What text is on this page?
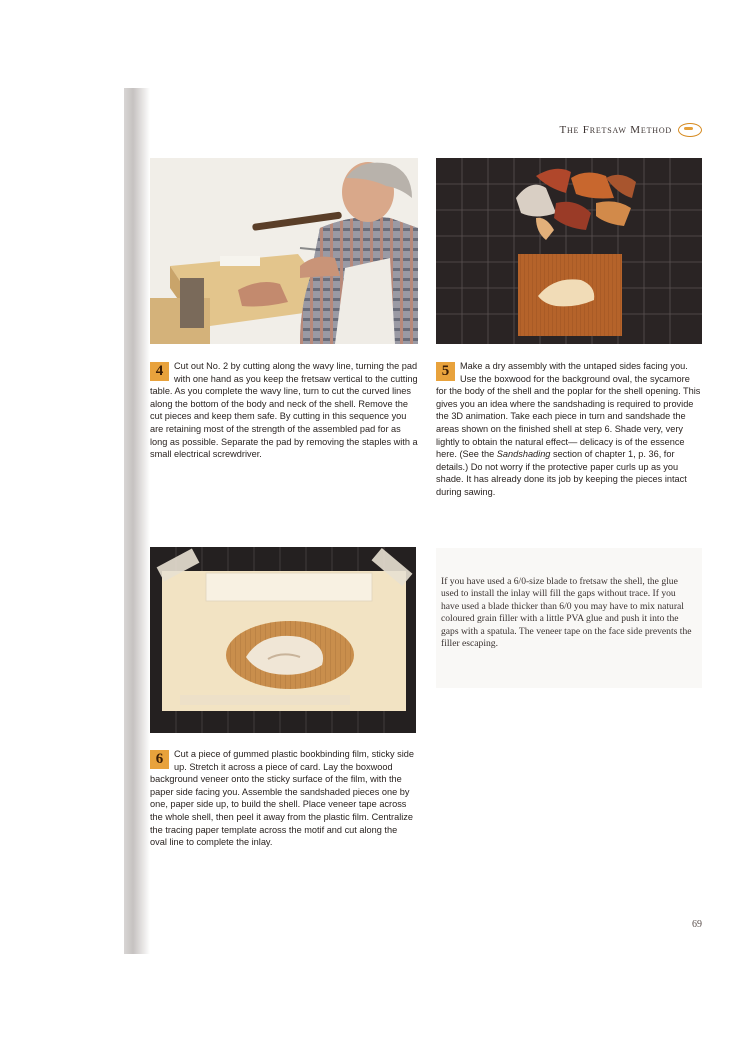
The Fretsaw Method
4	Cut out No. 2 by cutting along the wavy line, turning the pad with one hand as you keep the fretsaw vertical to the cutting table. As you complete the wavy line, turn to cut the curved lines along the bottom of the body and neck of the shell. Remove the cut pieces and keep them safe. By cutting in this sequence you are retaining most of the strength of the assembled pad for as long as possible. Separate the pad by removing the staples with a small electrical screwdriver.

5	Make a dry assembly with the untaped sides facing you. Use the boxwood for the background oval, the sycamore for the body of the shell and the poplar for the shell opening. This gives you an idea where the sandshading is required to provide the 3D animation. Take each piece in turn and sandshade the areas shown on the finished shell at step 6. Shade very, very lightly to obtain the natural effect— delicacy is of the essence here. (See the Sandshading section of chapter 1, p. 36, for details.) Do not worry if the protective paper curls up as you shade. It has already done its job by keeping the pieces intact during sawing.

6	Cut a piece of gummed plastic bookbinding film, sticky side up. Stretch it across a piece of card. Lay the boxwood background veneer onto the sticky surface of the film, with the paper side facing you. Assemble the sandshaded pieces one by one, paper side up, to build the shell. Place veneer tape across the whole shell, then peel it away from the plastic film. Centralize the tracing paper template across the motif and cut along the oval line to complete the inlay.

If you have used a 6/0-size blade to fretsaw the shell, the glue used to install the inlay will fill the gaps without trace. If you have used a blade thicker than 6/0 you may have to mix natural coloured grain filler with a little PVA glue and push it into the gaps with a spatula. The veneer tape on the face side prevents the filler escaping.

69
